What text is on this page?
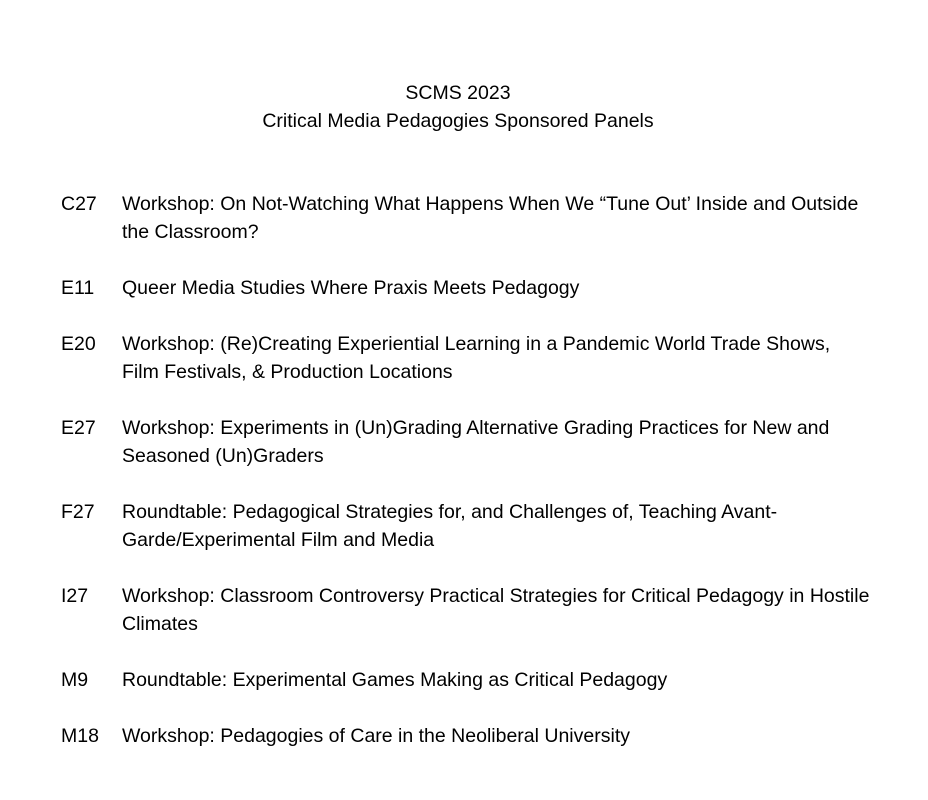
SCMS 2023
Critical Media Pedagogies Sponsored Panels
C27	Workshop: On Not-Watching What Happens When We “Tune Out’ Inside and Outside the Classroom?
E11	Queer Media Studies Where Praxis Meets Pedagogy
E20	Workshop: (Re)Creating Experiential Learning in a Pandemic World Trade Shows, Film Festivals, & Production Locations
E27	Workshop: Experiments in (Un)Grading Alternative Grading Practices for New and Seasoned (Un)Graders
F27	Roundtable: Pedagogical Strategies for, and Challenges of, Teaching Avant-Garde/Experimental Film and Media
I27	Workshop: Classroom Controversy Practical Strategies for Critical Pedagogy in Hostile Climates
M9	Roundtable: Experimental Games Making as Critical Pedagogy
M18	Workshop: Pedagogies of Care in the Neoliberal University
